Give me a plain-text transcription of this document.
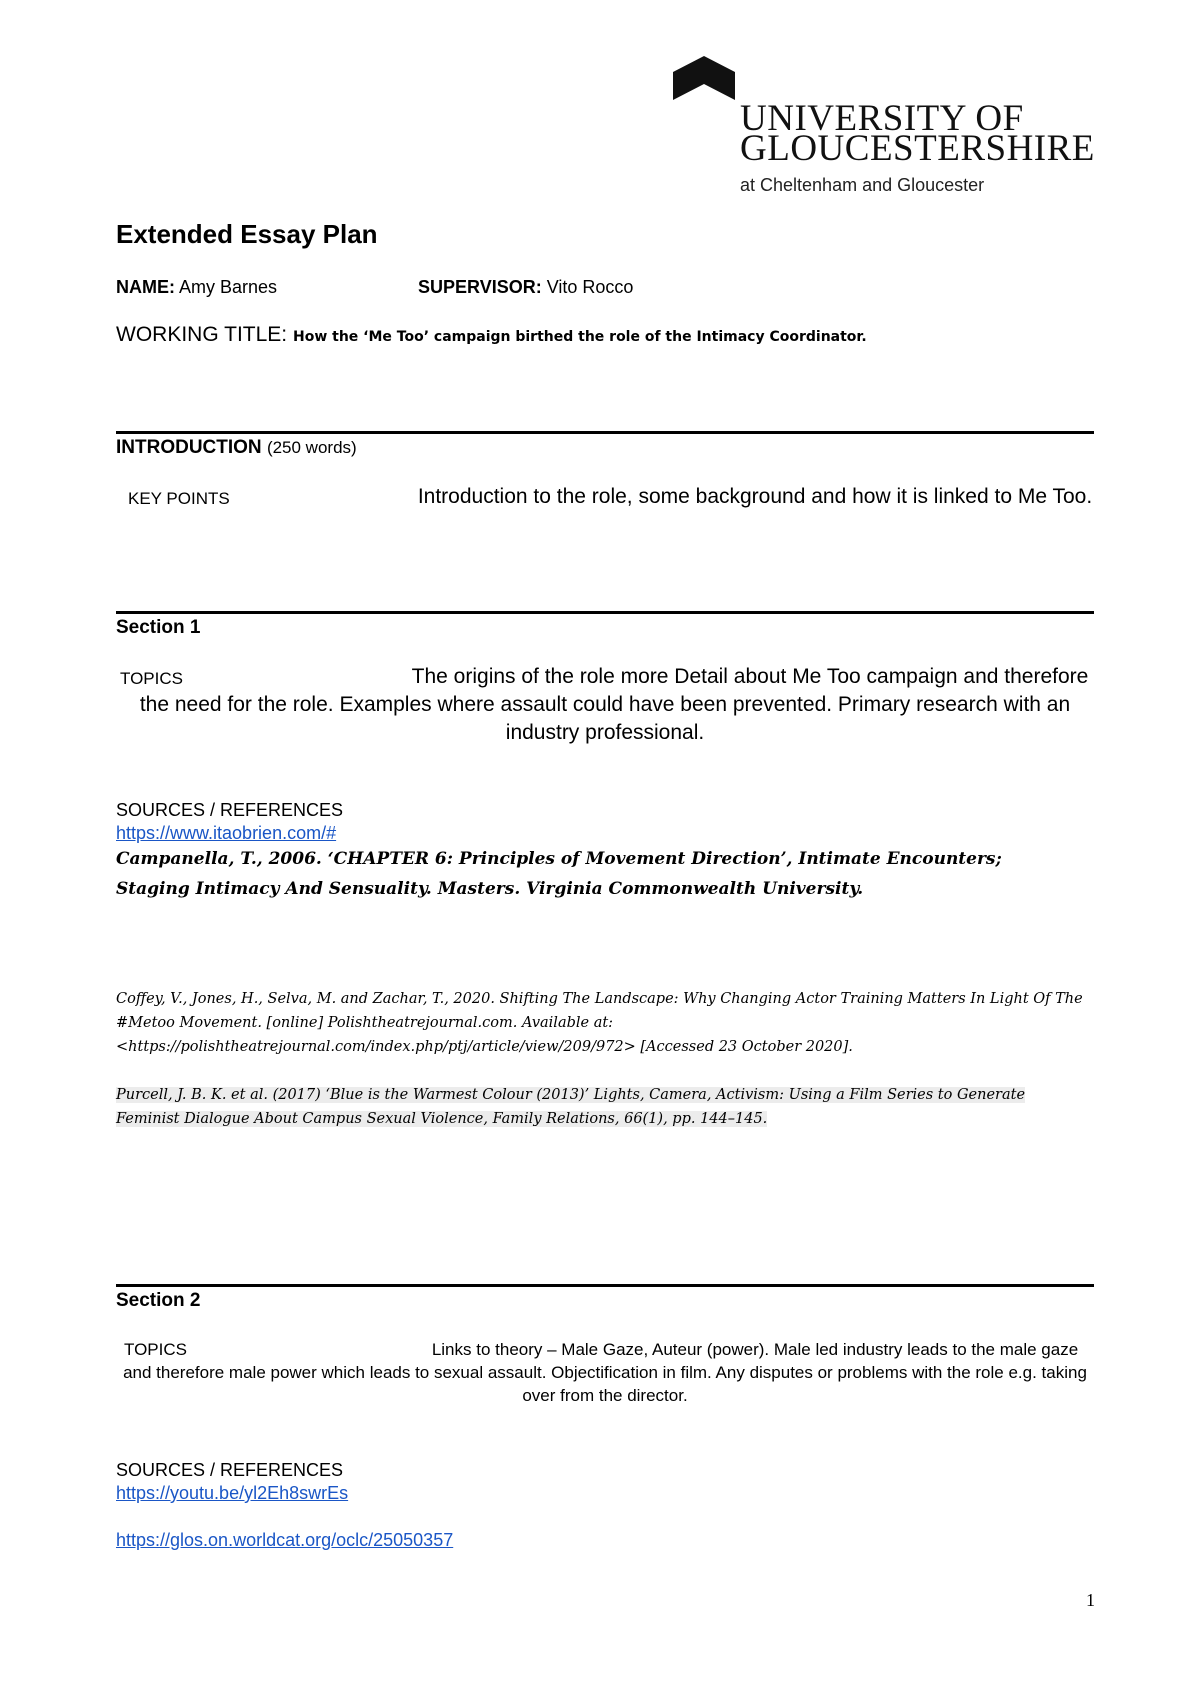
UNIVERSITY OF
GLOUCESTERSHIRE
at Cheltenham and Gloucester
Extended Essay Plan
NAME: Amy Barnes	SUPERVISOR: Vito Rocco
WORKING TITLE: How the ‘Me Too’ campaign birthed the role of the Intimacy Coordinator.
INTRODUCTION (250 words)
KEY POINTS	Introduction to the role, some background and how it is linked to Me Too.
Section 1
TOPICS	The origins of the role more Detail about Me Too campaign and therefore the need for the role. Examples where assault could have been prevented. Primary research with an industry professional.
SOURCES / REFERENCES
https://www.itaobrien.com/#
Campanella, T., 2006. ‘CHAPTER 6: Principles of Movement Direction’, Intimate Encounters; Staging Intimacy And Sensuality. Masters. Virginia Commonwealth University.
Coffey, V., Jones, H., Selva, M. and Zachar, T., 2020. Shifting The Landscape: Why Changing Actor Training Matters In Light Of The #Metoo Movement. [online] Polishtheatrejournal.com. Available at: <https://polishtheatrejournal.com/index.php/ptj/article/view/209/972> [Accessed 23 October 2020].
Purcell, J. B. K. et al. (2017) ‘Blue is the Warmest Colour (2013)’ Lights, Camera, Activism: Using a Film Series to Generate Feminist Dialogue About Campus Sexual Violence, Family Relations, 66(1), pp. 144–145.
Section 2
TOPICS	Links to theory – Male Gaze, Auteur (power). Male led industry leads to the male gaze and therefore male power which leads to sexual assault. Objectification in film. Any disputes or problems with the role e.g. taking over from the director.
SOURCES / REFERENCES
https://youtu.be/yl2Eh8swrEs
https://glos.on.worldcat.org/oclc/25050357
1
